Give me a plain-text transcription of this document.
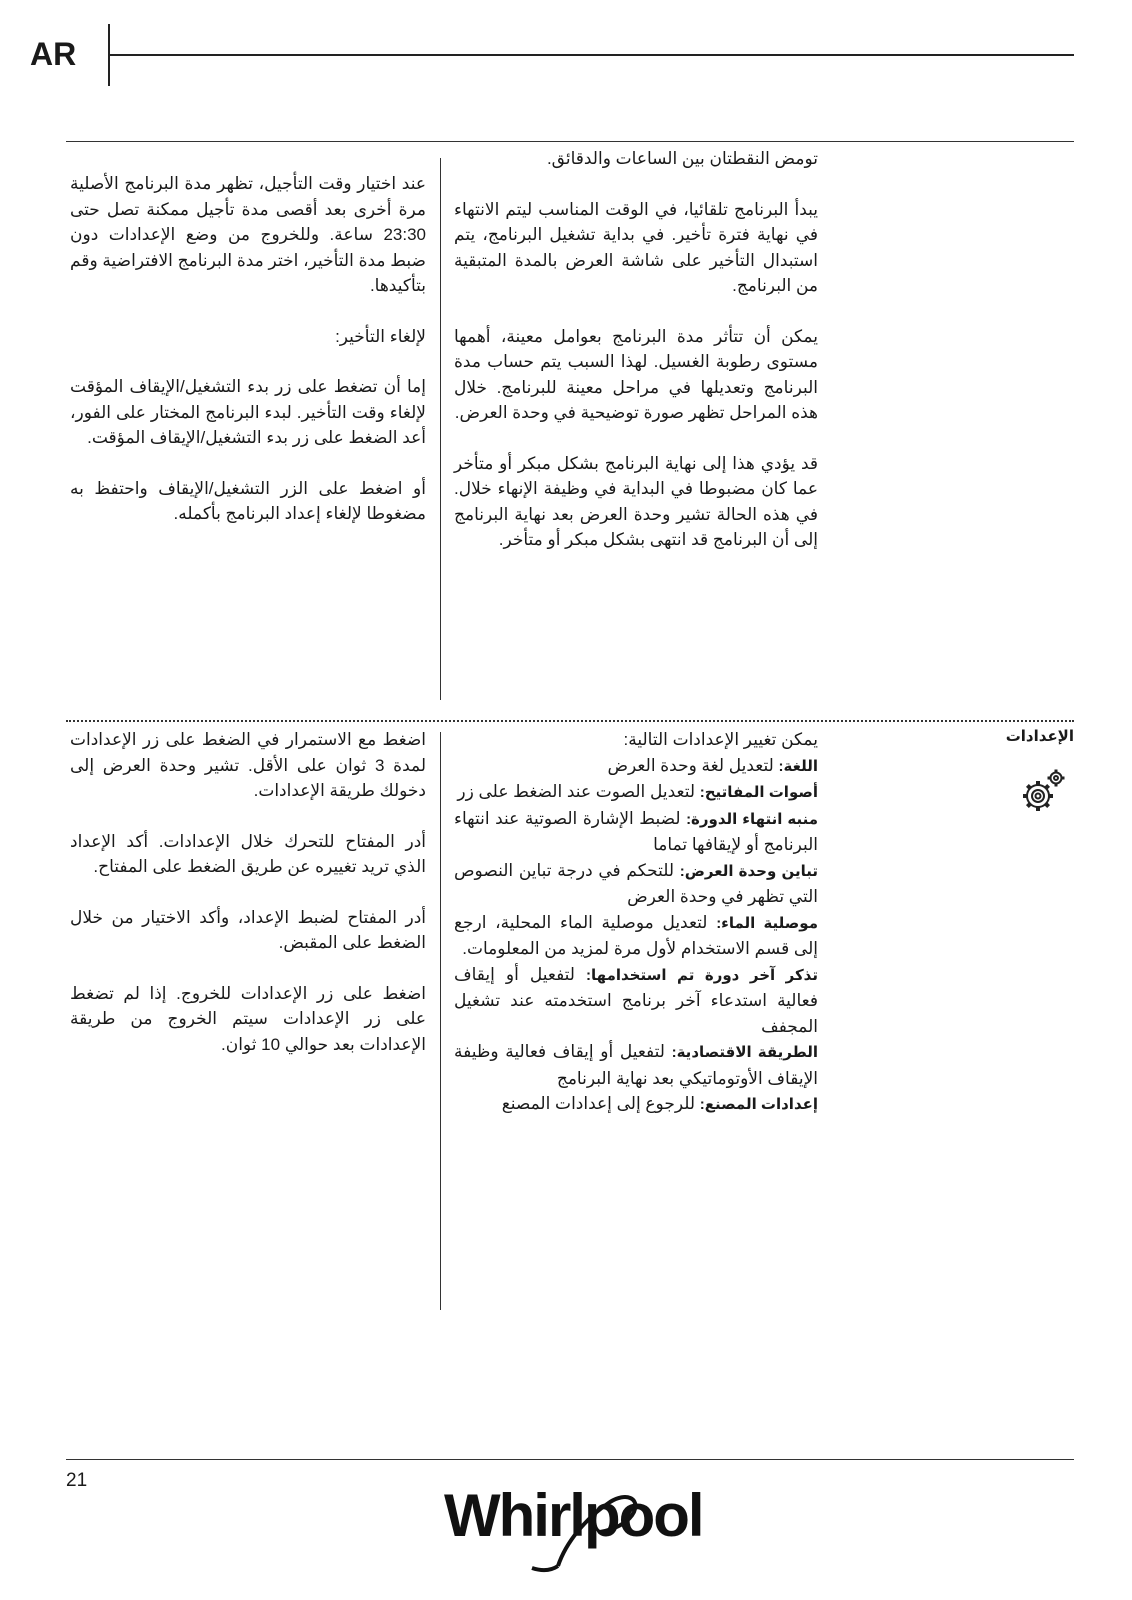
AR

تومض النقطتان بين الساعات والدقائق.

يبدأ البرنامج تلقائيا، في الوقت المناسب ليتم الانتهاء في نهاية فترة تأخير. في بداية تشغيل البرنامج، يتم استبدال التأخير على شاشة العرض بالمدة المتبقية من البرنامج.

يمكن أن تتأثر مدة البرنامج بعوامل معينة، أهمها مستوى رطوبة الغسيل. لهذا السبب يتم حساب مدة البرنامج وتعديلها في مراحل معينة للبرنامج. خلال هذه المراحل تظهر صورة توضيحية في وحدة العرض.

قد يؤدي هذا إلى نهاية البرنامج بشكل مبكر أو متأخر عما كان مضبوطا في البداية في وظيفة الإنهاء خلال. في هذه الحالة تشير وحدة العرض بعد نهاية البرنامج إلى أن البرنامج قد انتهى بشكل مبكر أو متأخر.

عند اختيار وقت التأجيل، تظهر مدة البرنامج الأصلية مرة أخرى بعد أقصى مدة تأجيل ممكنة تصل حتى 23:30 ساعة. وللخروج من وضع الإعدادات دون ضبط مدة التأخير، اختر مدة البرنامج الافتراضية وقم بتأكيدها.

لإلغاء التأخير:

إما أن تضغط على زر بدء التشغيل/الإيقاف المؤقت لإلغاء وقت التأخير. لبدء البرنامج المختار على الفور، أعد الضغط على زر بدء التشغيل/الإيقاف المؤقت.

أو اضغط على الزر التشغيل/الإيقاف واحتفظ به مضغوطا لإلغاء إعداد البرنامج بأكمله.

الإعدادات
يمكن تغيير الإعدادات التالية:
اللغة: لتعديل لغة وحدة العرض
أصوات المفاتيح: لتعديل الصوت عند الضغط على زر
منبه انتهاء الدورة: لضبط الإشارة الصوتية عند انتهاء البرنامج أو لإيقافها تماما
تباين وحدة العرض: للتحكم في درجة تباين النصوص التي تظهر في وحدة العرض
موصلية الماء: لتعديل موصلية الماء المحلية، ارجع إلى قسم الاستخدام لأول مرة لمزيد من المعلومات.
تذكر آخر دورة تم استخدامها: لتفعيل أو إيقاف فعالية استدعاء آخر برنامج استخدمته عند تشغيل المجفف
الطريقة الاقتصادية: لتفعيل أو إيقاف فعالية وظيفة الإيقاف الأوتوماتيكي بعد نهاية البرنامج
إعدادات المصنع: للرجوع إلى إعدادات المصنع

اضغط مع الاستمرار في الضغط على زر الإعدادات لمدة 3 ثوان على الأقل. تشير وحدة العرض إلى دخولك طريقة الإعدادات.

أدر المفتاح للتحرك خلال الإعدادات. أكد الإعداد الذي تريد تغييره عن طريق الضغط على المفتاح.

أدر المفتاح لضبط الإعداد، وأكد الاختيار من خلال الضغط على المقبض.

اضغط على زر الإعدادات للخروج. إذا لم تضغط على زر الإعدادات سيتم الخروج من طريقة الإعدادات بعد حوالي 10 ثوان.

21
Whirlpool
